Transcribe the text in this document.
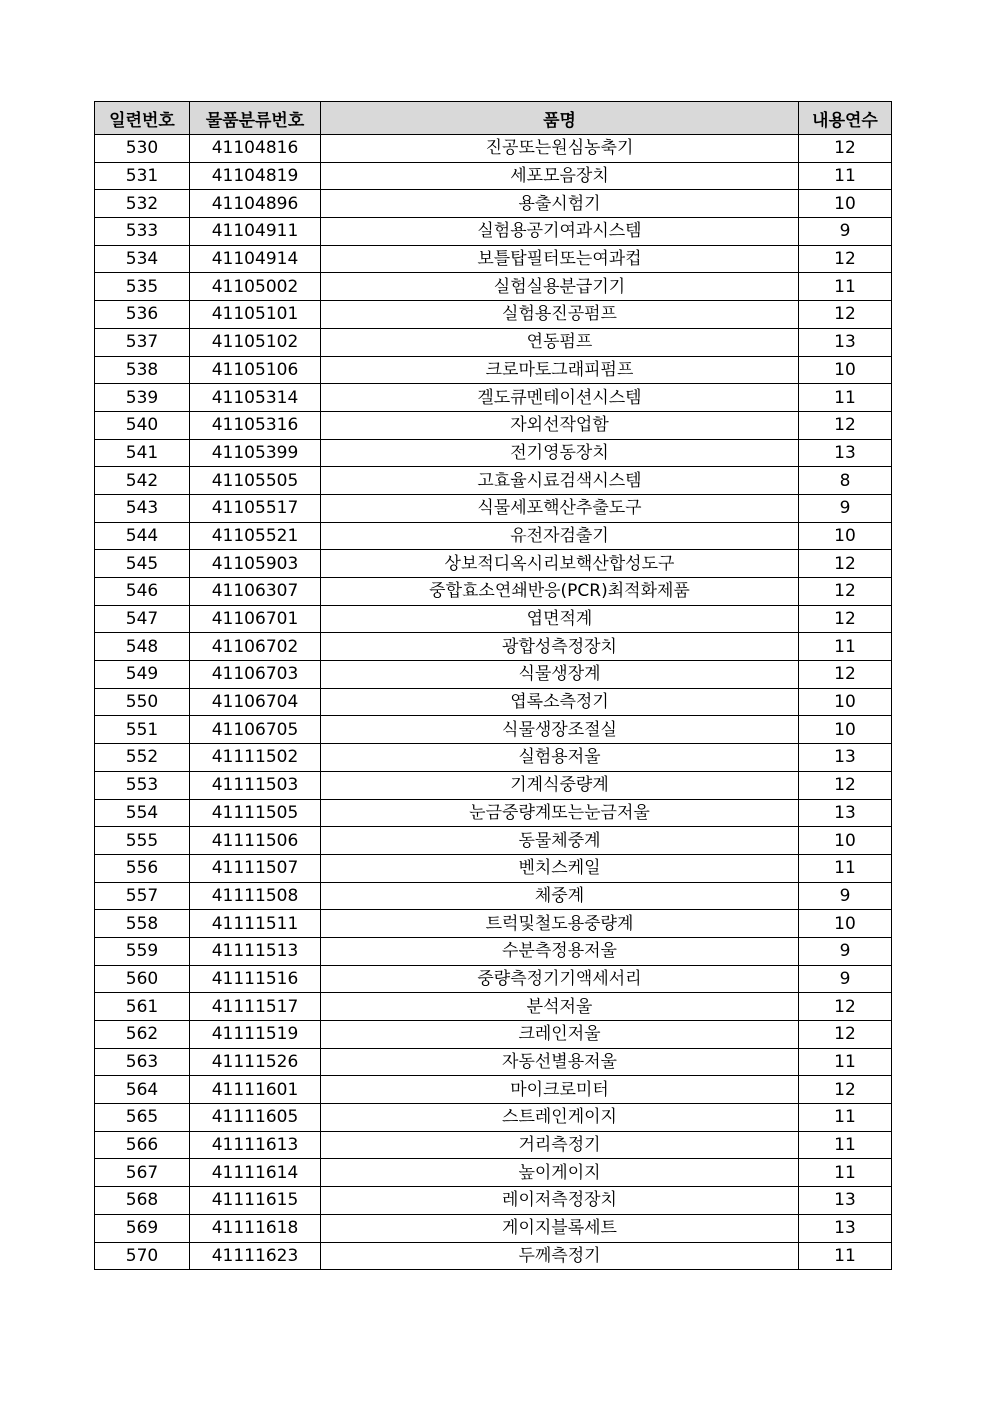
일련번호	물품분류번호	품명	내용연수
530	41104816	진공또는원심농축기	12
531	41104819	세포모음장치	11
532	41104896	용출시험기	10
533	41104911	실험용공기여과시스템	9
534	41104914	보틀탑필터또는여과컵	12
535	41105002	실험실용분급기기	11
536	41105101	실험용진공펌프	12
537	41105102	연동펌프	13
538	41105106	크로마토그래피펌프	10
539	41105314	겔도큐멘테이션시스템	11
540	41105316	자외선작업함	12
541	41105399	전기영동장치	13
542	41105505	고효율시료검색시스템	8
543	41105517	식물세포핵산추출도구	9
544	41105521	유전자검출기	10
545	41105903	상보적디옥시리보핵산합성도구	12
546	41106307	중합효소연쇄반응(PCR)최적화제품	12
547	41106701	엽면적계	12
548	41106702	광합성측정장치	11
549	41106703	식물생장계	12
550	41106704	엽록소측정기	10
551	41106705	식물생장조절실	10
552	41111502	실험용저울	13
553	41111503	기계식중량계	12
554	41111505	눈금중량계또는눈금저울	13
555	41111506	동물체중계	10
556	41111507	벤치스케일	11
557	41111508	체중계	9
558	41111511	트럭및철도용중량계	10
559	41111513	수분측정용저울	9
560	41111516	중량측정기기액세서리	9
561	41111517	분석저울	12
562	41111519	크레인저울	12
563	41111526	자동선별용저울	11
564	41111601	마이크로미터	12
565	41111605	스트레인게이지	11
566	41111613	거리측정기	11
567	41111614	높이게이지	11
568	41111615	레이저측정장치	13
569	41111618	게이지블록세트	13
570	41111623	두께측정기	11
